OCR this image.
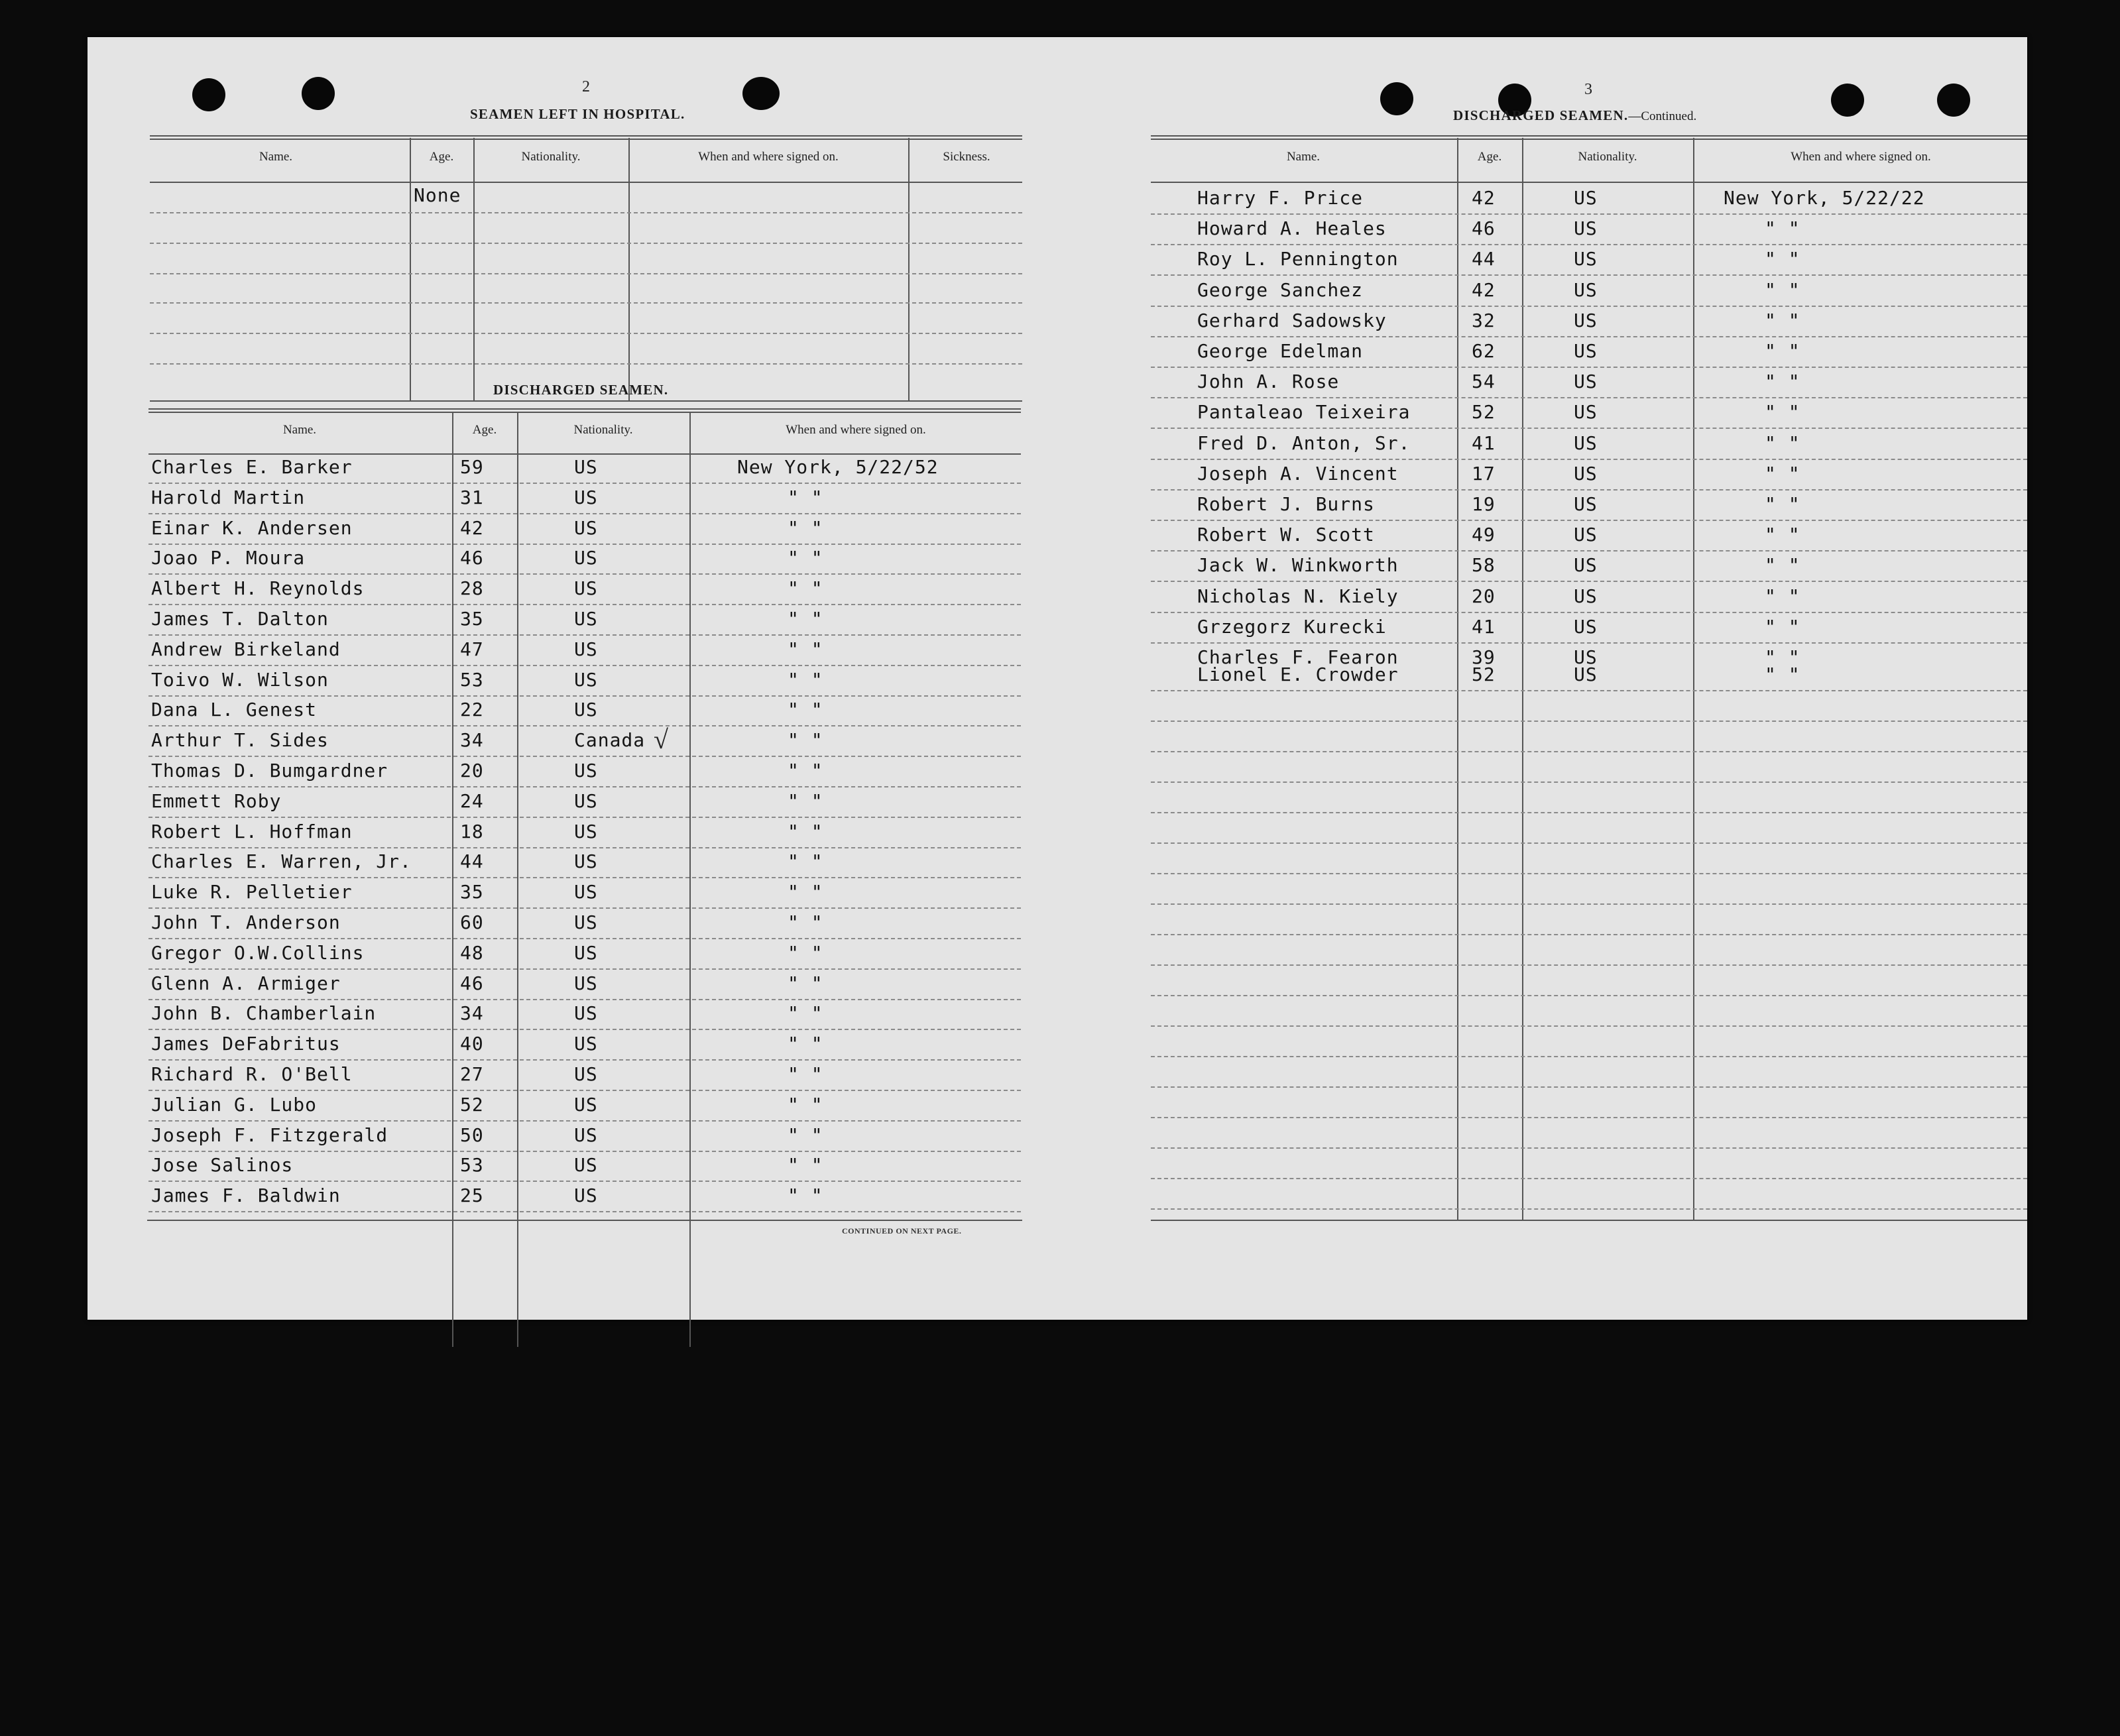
2
SEAMEN LEFT IN HOSPITAL.
Name.	Age.	Nationality.	When and where signed on.	Sickness.
None
DISCHARGED SEAMEN.
Name.	Age.	Nationality.	When and where signed on.
Charles E. Barker	59	US	New York, 5/22/52
Harold Martin	31	US	" "
Einar K. Andersen	42	US	" "
Joao P. Moura	46	US	" "
Albert H. Reynolds	28	US	" "
James T. Dalton	35	US	" "
Andrew Birkeland	47	US	" "
Toivo W. Wilson	53	US	" "
Dana L. Genest	22	US	" "
Arthur T. Sides	34	Canada	" "
Thomas D. Bumgardner	20	US	" "
Emmett Roby	24	US	" "
Robert L. Hoffman	18	US	" "
Charles E. Warren, Jr.	44	US	" "
Luke R. Pelletier	35	US	" "
John T. Anderson	60	US	" "
Gregor O.W.Collins	48	US	" "
Glenn A. Armiger	46	US	" "
John B. Chamberlain	34	US	" "
James DeFabritus	40	US	" "
Richard R. O'Bell	27	US	" "
Julian G. Lubo	52	US	" "
Joseph F. Fitzgerald	50	US	" "
Jose Salinos	53	US	" "
James F. Baldwin	25	US	" "
√
CONTINUED ON NEXT PAGE.
3
DISCHARGED SEAMEN.—Continued.
Name.	Age.	Nationality.	When and where signed on.
Harry F. Price	42	US	New York, 5/22/22
Howard A. Heales	46	US	" "
Roy L. Pennington	44	US	" "
George Sanchez	42	US	" "
Gerhard Sadowsky	32	US	" "
George Edelman	62	US	" "
John A. Rose	54	US	" "
Pantaleao Teixeira	52	US	" "
Fred D. Anton, Sr.	41	US	" "
Joseph A. Vincent	17	US	" "
Robert J. Burns	19	US	" "
Robert W. Scott	49	US	" "
Jack W. Winkworth	58	US	" "
Nicholas N. Kiely	20	US	" "
Grzegorz Kurecki	41	US	" "
Charles F. Fearon	39	US	" "
Lionel E. Crowder	52	US	" "
